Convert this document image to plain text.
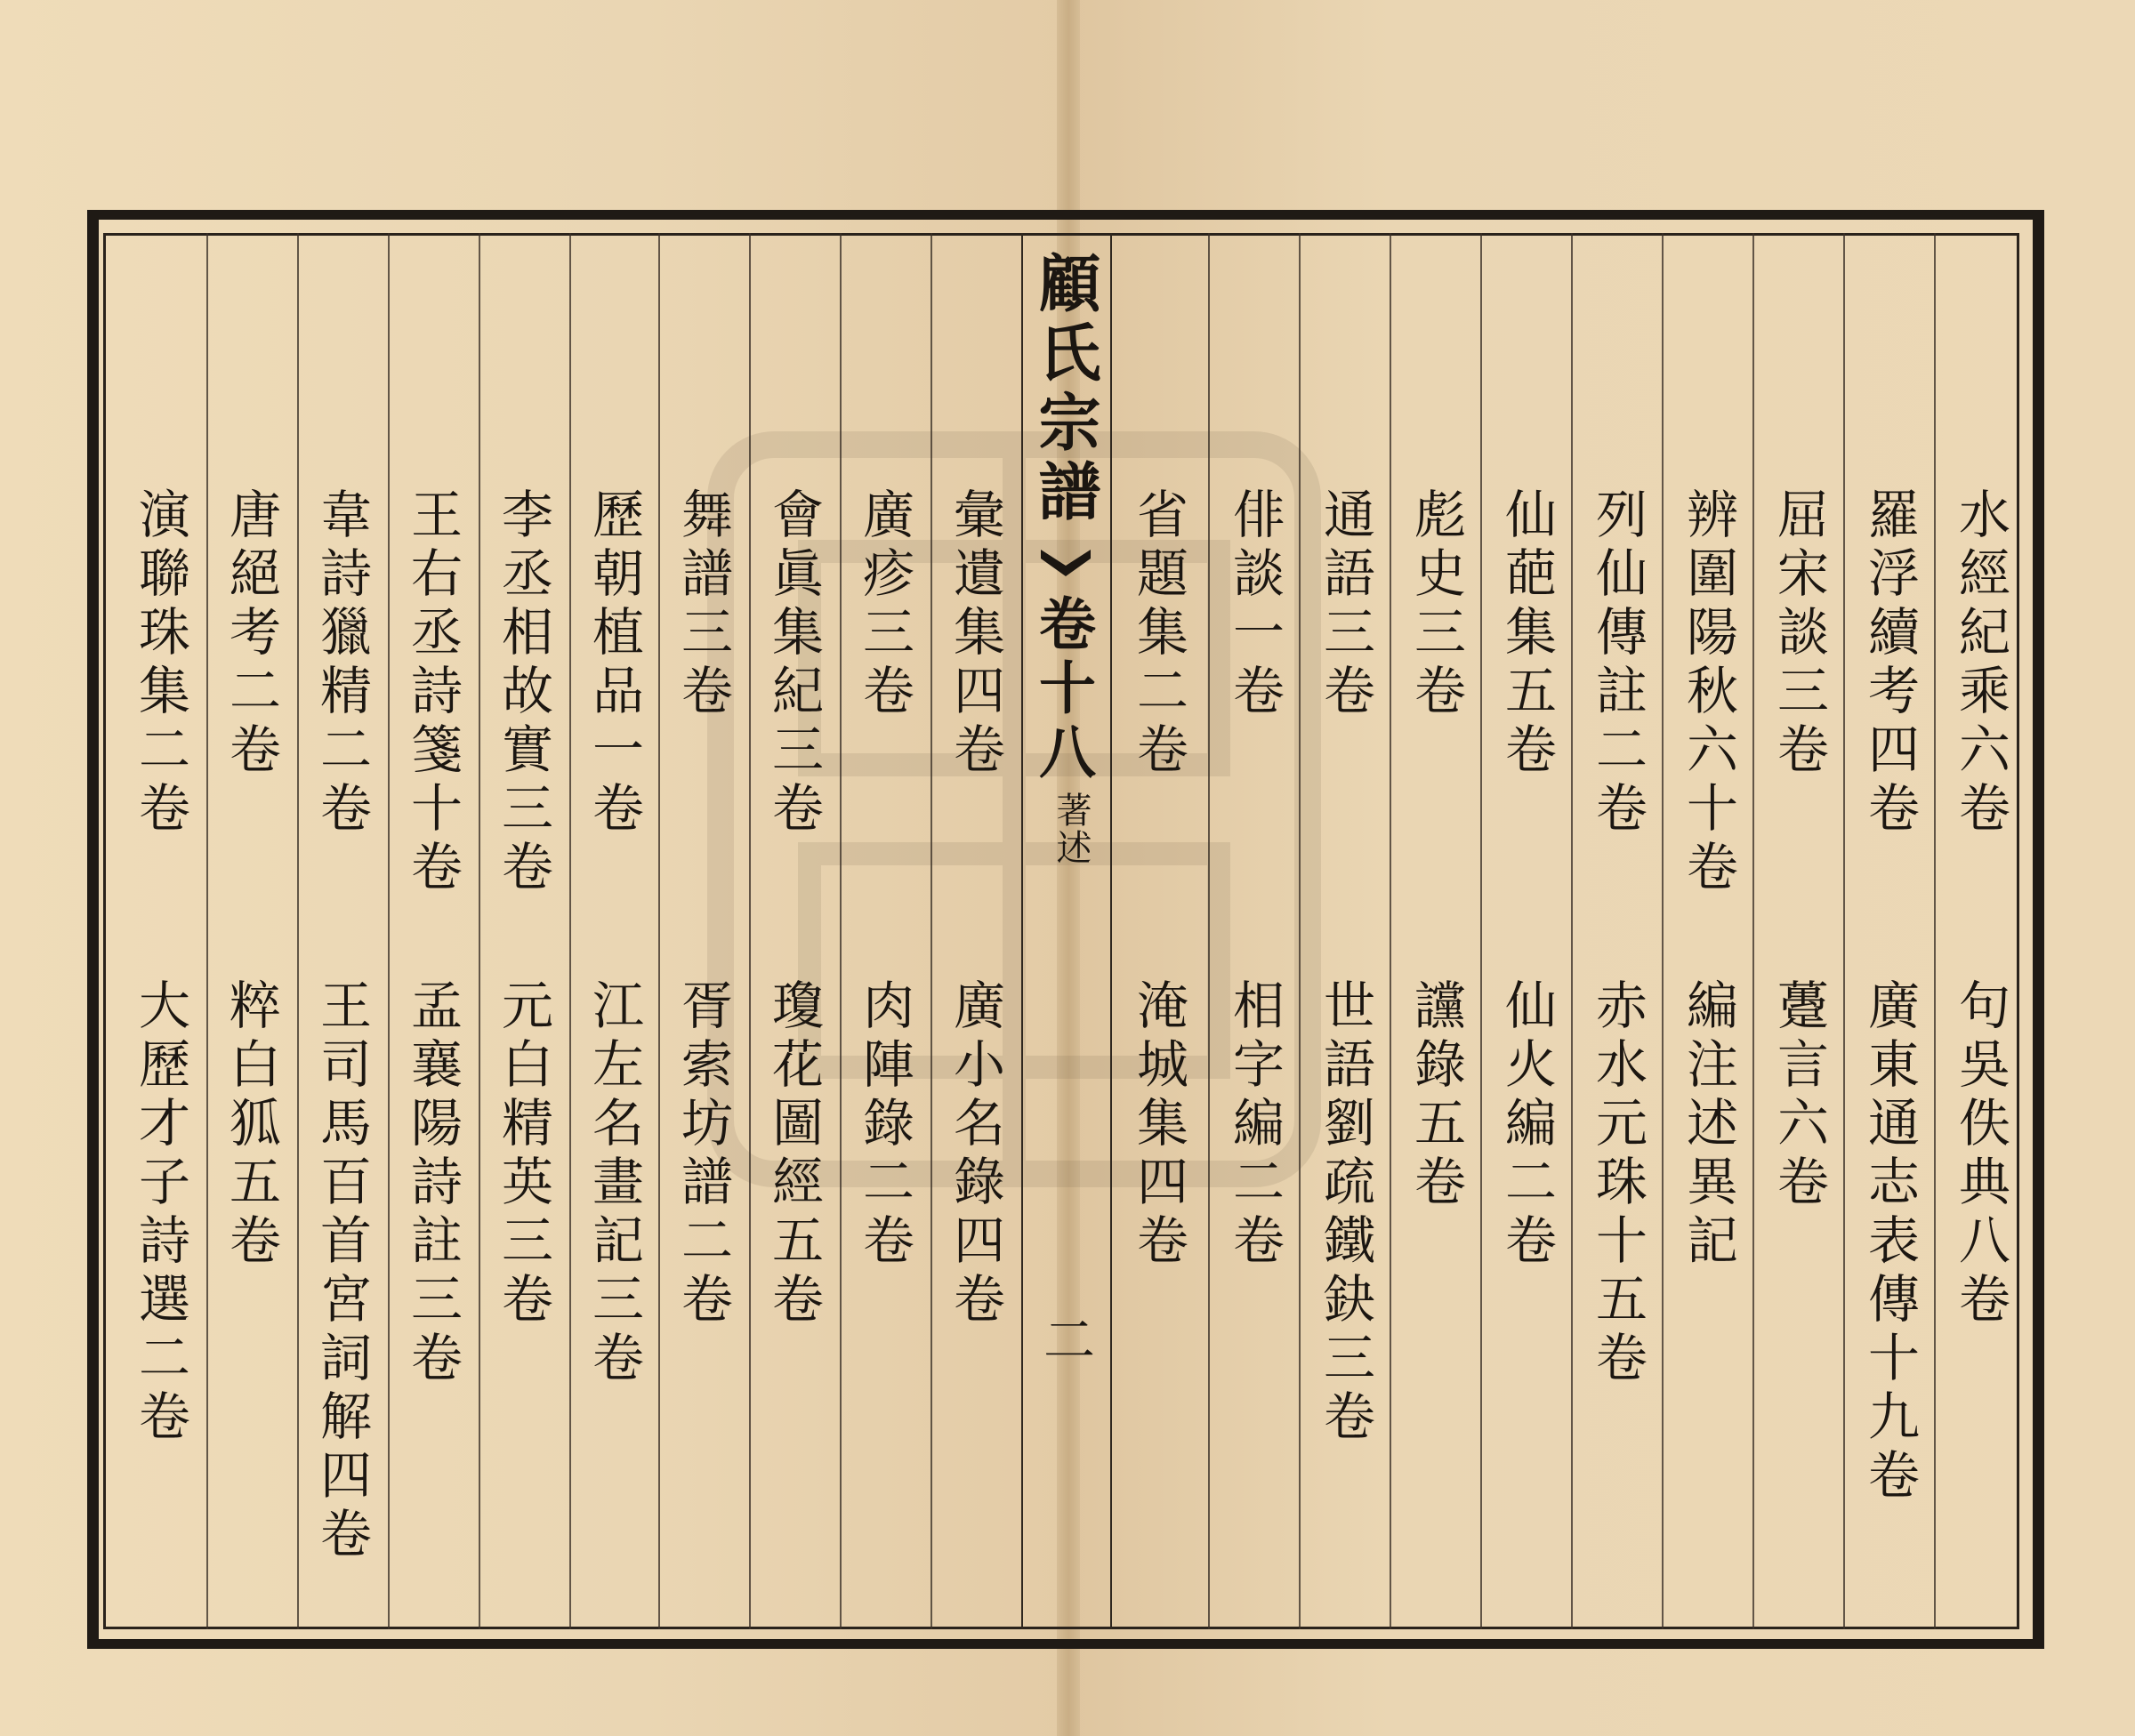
顧氏宗譜
卷十八
著述
二
水經紀乘六卷
句吳佚典八卷
羅浮續考四卷
廣東通志表傳十九卷
屈宋談三卷
躉言六卷
辨圍陽秋六十卷
編注述異記
列仙傳註二卷
赤水元珠十五卷
仙葩集五卷
仙火編二卷
彪史三卷
讜錄五卷
通語三卷
世語劉疏鐵鈌三卷
俳談一卷
相字編二卷
省題集二卷
淹城集四卷
彙遺集四卷
廣小名錄四卷
廣疹三卷
肉陣錄二卷
會眞集紀三卷
瓊花圖經五卷
舞譜三卷
胥索坊譜二卷
歷朝植品一卷
江左名畫記三卷
李丞相故實三卷
元白精英三卷
王右丞詩箋十卷
孟襄陽詩註三卷
韋詩獵精二卷
王司馬百首宮詞解四卷
唐絕考二卷
粹白狐五卷
演聯珠集二卷
大歷才子詩選二卷
